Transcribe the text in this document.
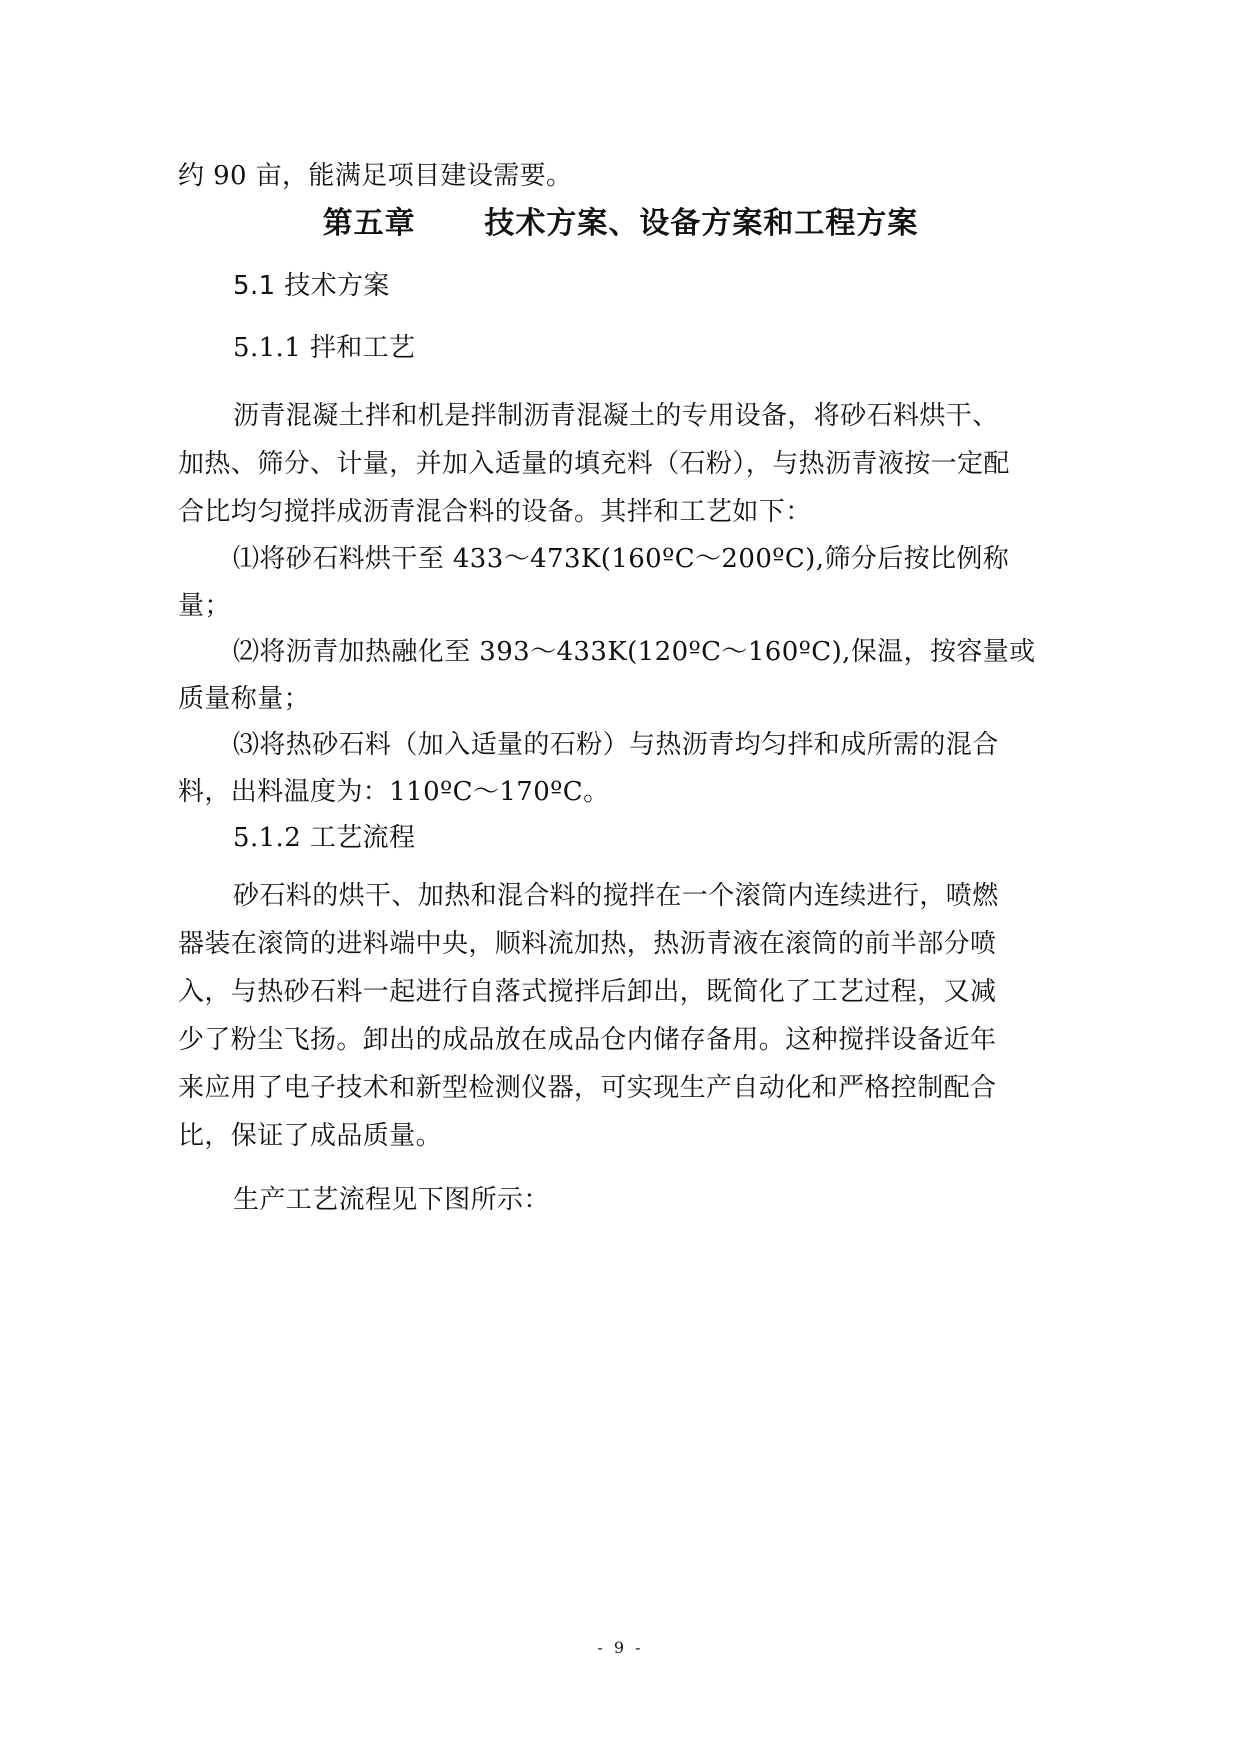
约 90 亩，能满足项目建设需要。
第五章      技术方案、设备方案和工程方案
5.1 技术方案
5.1.1 拌和工艺
沥青混凝土拌和机是拌制沥青混凝土的专用设备，将砂石料烘干、
加热、筛分、计量，并加入适量的填充料（石粉），与热沥青液按一定配
合比均匀搅拌成沥青混合料的设备。其拌和工艺如下：
⑴将砂石料烘干至 433～473K(160ºC～200ºC),筛分后按比例称
量；
⑵将沥青加热融化至 393～433K(120ºC～160ºC),保温，按容量或
质量称量；
⑶将热砂石料（加入适量的石粉）与热沥青均匀拌和成所需的混合
料，出料温度为：110ºC～170ºC。
5.1.2 工艺流程
砂石料的烘干、加热和混合料的搅拌在一个滚筒内连续进行，喷燃
器装在滚筒的进料端中央，顺料流加热，热沥青液在滚筒的前半部分喷
入，与热砂石料一起进行自落式搅拌后卸出，既简化了工艺过程，又减
少了粉尘飞扬。卸出的成品放在成品仓内储存备用。这种搅拌设备近年
来应用了电子技术和新型检测仪器，可实现生产自动化和严格控制配合
比，保证了成品质量。
生产工艺流程见下图所示：
- 9 -
